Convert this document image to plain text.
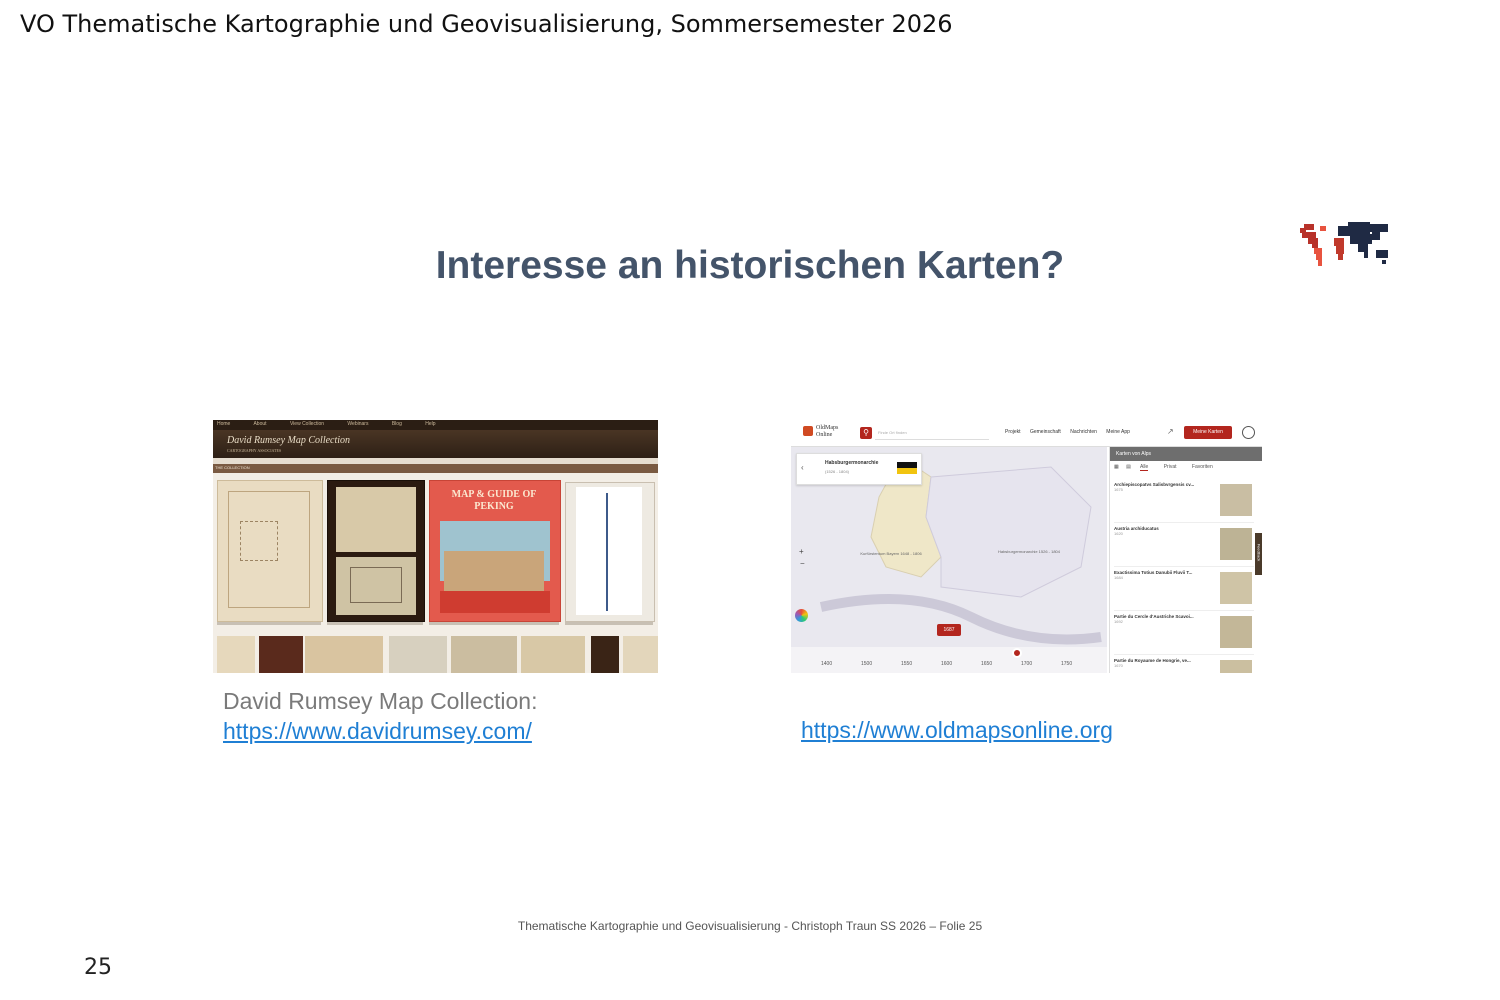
VO Thematische Kartographie und Geovisualisierung, Sommersemester 2026
Interesse an historischen Karten?
Home	About	View Collection	Webinars	Blog	Help
David Rumsey Map Collection
CARTOGRAPHY ASSOCIATES
THE COLLECTION
MAP & GUIDE OF PEKING
David Rumsey Map Collection:
https://www.davidrumsey.com/
OldMaps Online	⚲	Finde Ort finden	Projekt Gemeinschaft Nachrichten Meine App	↗	Meine Karten
‹	Habsburgermonarchie
(1526 - 1804)
Kurfürstentum Bayern 1648 - 1806	Habsburgermonarchie 1526 - 1804
+
−
1687
1400	1500	1550	1600	1650	1700	1750
Karten von Alps
▦ ▤ Alle	Privat	Favoriten
Archiepiscopatvs Salisbvrgensis cv...
1675
Austria archiducatus
1620
Exactissima Totius Danubii Fluvii T...
1684
Partie du Cercle d'Austriche Scavoi...
1692
Partie du Royaume de Hongrie, ve...
1670
Feedback
https://www.oldmapsonline.org
Thematische Kartographie und Geovisualisierung - Christoph Traun SS 2026 – Folie 25
25
